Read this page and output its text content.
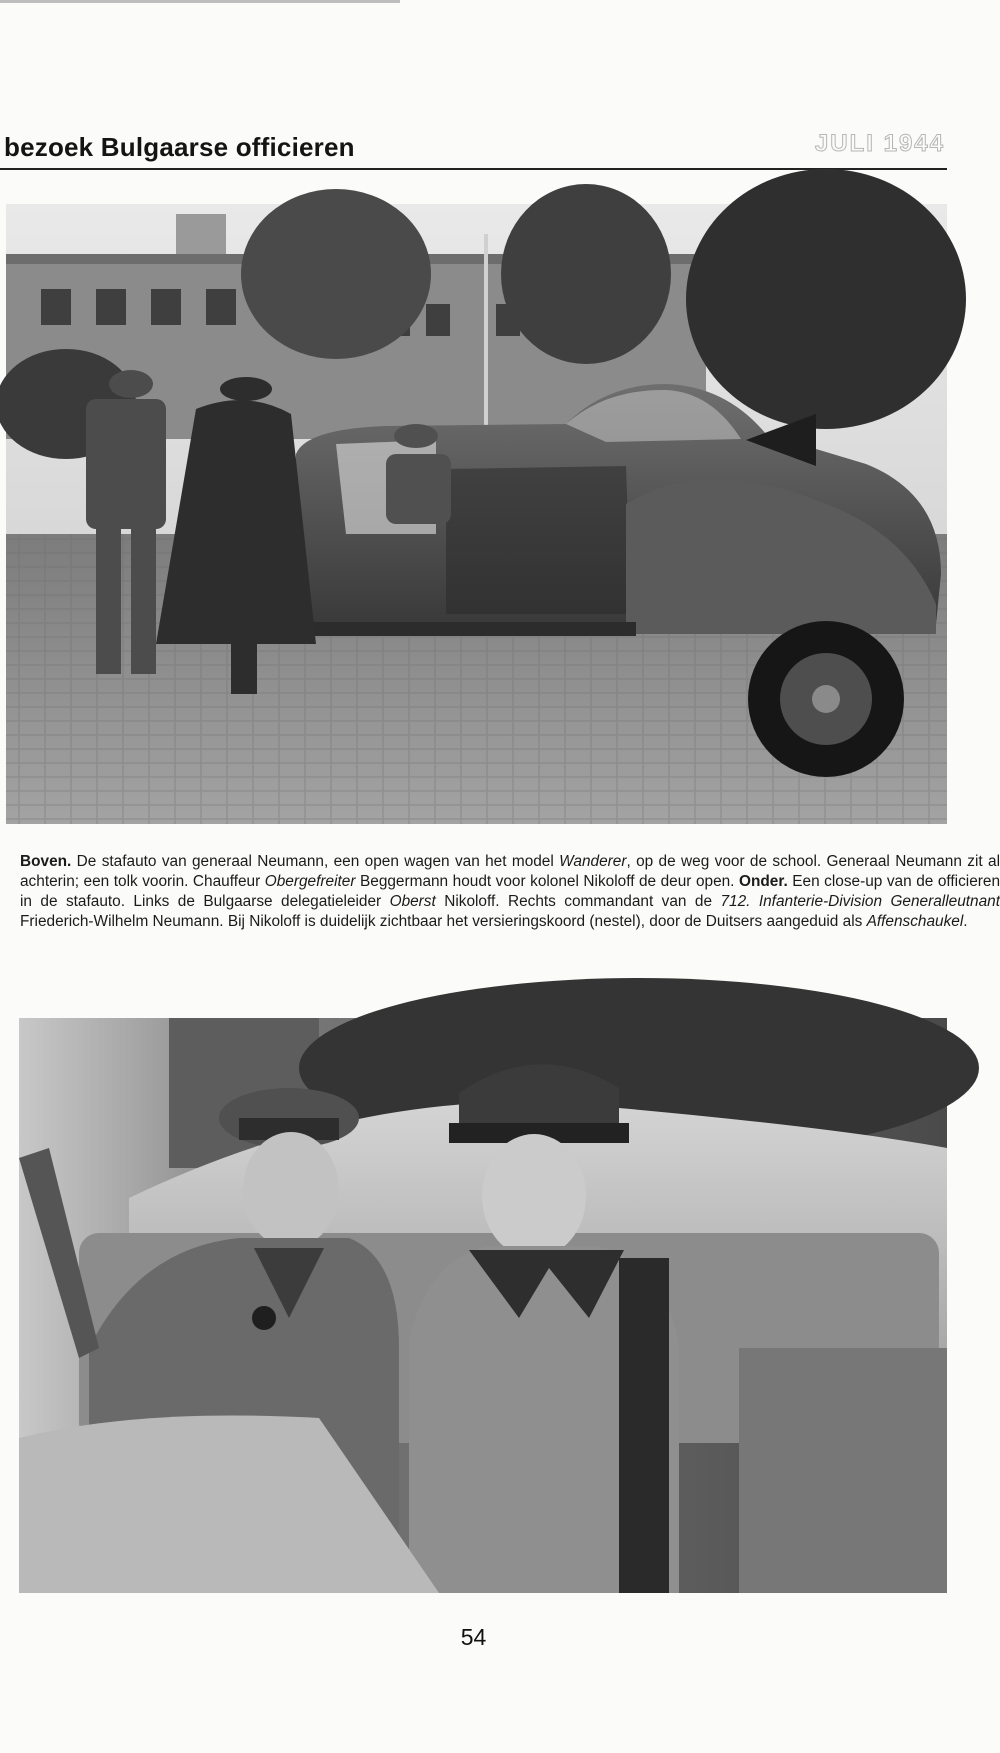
bezoek Bulgaarse officieren	JULI 1944
Boven. De stafauto van generaal Neumann, een open wagen van het model Wanderer, op de weg voor de school. Generaal Neumann zit al achterin; een tolk voorin. Chauffeur Obergefreiter Beggermann houdt voor kolonel Nikoloff de deur open. Onder. Een close-up van de officieren in de stafauto. Links de Bulgaarse delegatieleider Oberst Nikoloff. Rechts commandant van de 712. Infanterie-Division Generalleutnant Friederich-Wilhelm Neumann. Bij Nikoloff is duidelijk zichtbaar het versieringskoord (nestel), door de Duitsers aangeduid als Affenschaukel.
54
